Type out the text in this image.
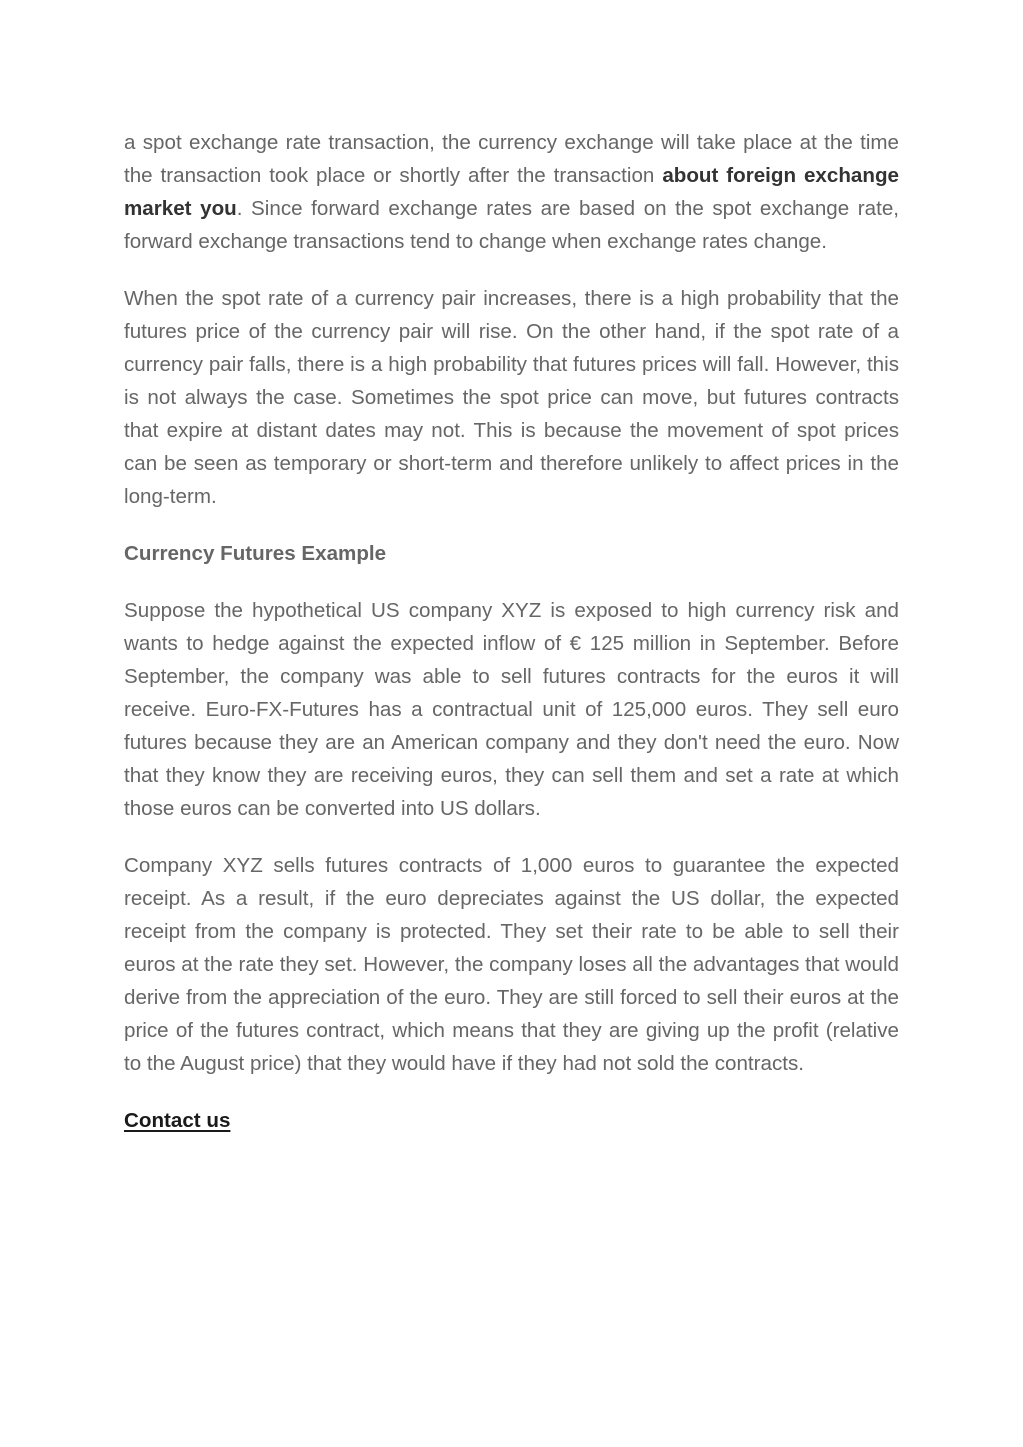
a spot exchange rate transaction, the currency exchange will take place at the time the transaction took place or shortly after the transaction about foreign exchange market you. Since forward exchange rates are based on the spot exchange rate, forward exchange transactions tend to change when exchange rates change.

When the spot rate of a currency pair increases, there is a high probability that the futures price of the currency pair will rise. On the other hand, if the spot rate of a currency pair falls, there is a high probability that futures prices will fall. However, this is not always the case. Sometimes the spot price can move, but futures contracts that expire at distant dates may not. This is because the movement of spot prices can be seen as temporary or short-term and therefore unlikely to affect prices in the long-term.

Currency Futures Example

Suppose the hypothetical US company XYZ is exposed to high currency risk and wants to hedge against the expected inflow of € 125 million in September. Before September, the company was able to sell futures contracts for the euros it will receive. Euro-FX-Futures has a contractual unit of 125,000 euros. They sell euro futures because they are an American company and they don't need the euro. Now that they know they are receiving euros, they can sell them and set a rate at which those euros can be converted into US dollars.

Company XYZ sells futures contracts of 1,000 euros to guarantee the expected receipt. As a result, if the euro depreciates against the US dollar, the expected receipt from the company is protected. They set their rate to be able to sell their euros at the rate they set. However, the company loses all the advantages that would derive from the appreciation of the euro. They are still forced to sell their euros at the price of the futures contract, which means that they are giving up the profit (relative to the August price) that they would have if they had not sold the contracts.

Contact us
